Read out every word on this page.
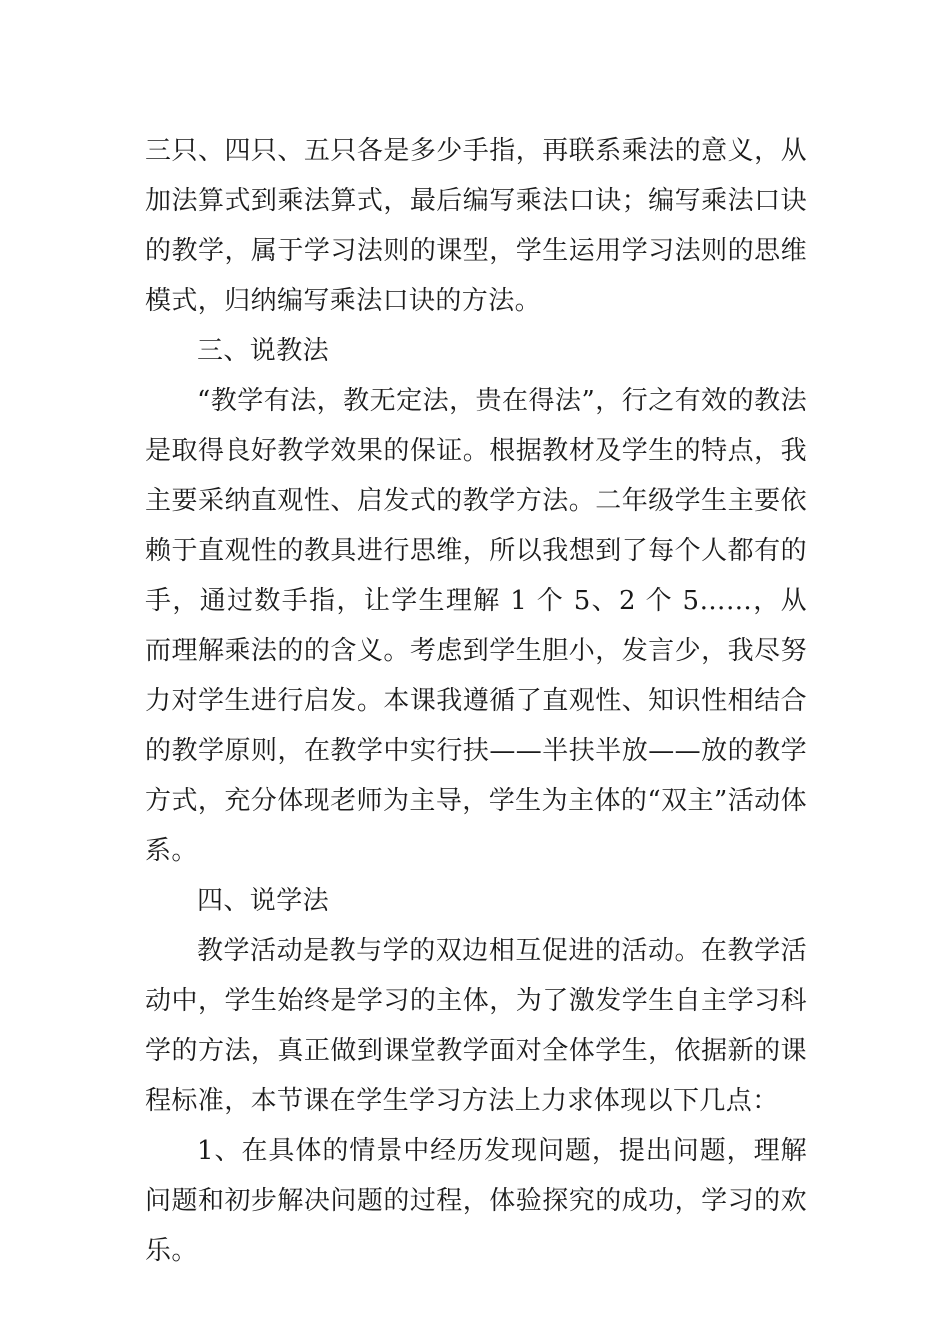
三只、四只、五只各是多少手指，再联系乘法的意义，从加法算式到乘法算式，最后编写乘法口诀；编写乘法口诀的教学，属于学习法则的课型，学生运用学习法则的思维模式，归纳编写乘法口诀的方法。

三、说教法

“教学有法，教无定法，贵在得法”，行之有效的教法是取得良好教学效果的保证。根据教材及学生的特点，我主要采纳直观性、启发式的教学方法。二年级学生主要依赖于直观性的教具进行思维，所以我想到了每个人都有的手，通过数手指，让学生理解 1 个 5、2 个 5……，从而理解乘法的的含义。考虑到学生胆小，发言少，我尽努力对学生进行启发。本课我遵循了直观性、知识性相结合的教学原则，在教学中实行扶——半扶半放——放的教学方式，充分体现老师为主导，学生为主体的“双主”活动体系。

四、说学法

教学活动是教与学的双边相互促进的活动。在教学活动中，学生始终是学习的主体，为了激发学生自主学习科学的方法，真正做到课堂教学面对全体学生，依据新的课程标准，本节课在学生学习方法上力求体现以下几点：

1、在具体的情景中经历发现问题，提出问题，理解问题和初步解决问题的过程，体验探究的成功，学习的欢乐。
